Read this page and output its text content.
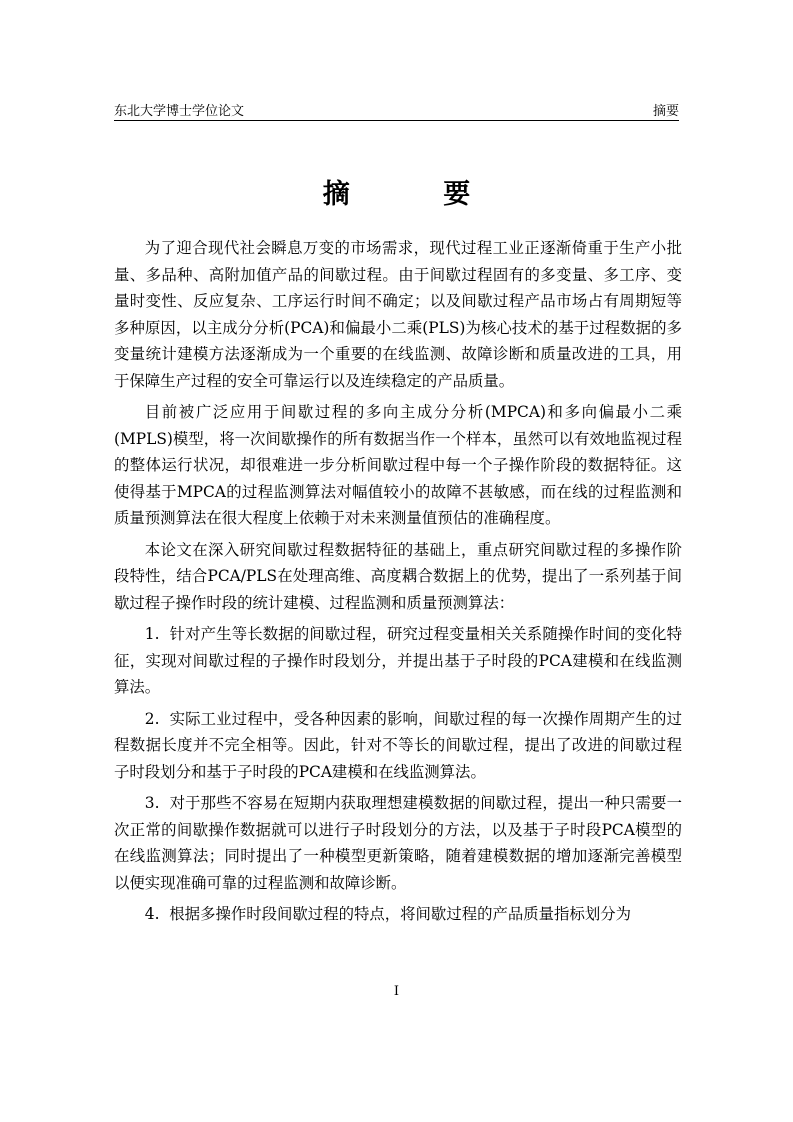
东北大学博士学位论文	摘要
摘 要

为了迎合现代社会瞬息万变的市场需求，现代过程工业正逐渐倚重于生产小批量、多品种、高附加值产品的间歇过程。由于间歇过程固有的多变量、多工序、变量时变性、反应复杂、工序运行时间不确定；以及间歇过程产品市场占有周期短等多种原因，以主成分分析(PCA)和偏最小二乘(PLS)为核心技术的基于过程数据的多变量统计建模方法逐渐成为一个重要的在线监测、故障诊断和质量改进的工具，用于保障生产过程的安全可靠运行以及连续稳定的产品质量。

目前被广泛应用于间歇过程的多向主成分分析(MPCA)和多向偏最小二乘(MPLS)模型，将一次间歇操作的所有数据当作一个样本，虽然可以有效地监视过程的整体运行状况，却很难进一步分析间歇过程中每一个子操作阶段的数据特征。这使得基于MPCA的过程监测算法对幅值较小的故障不甚敏感，而在线的过程监测和质量预测算法在很大程度上依赖于对未来测量值预估的准确程度。

本论文在深入研究间歇过程数据特征的基础上，重点研究间歇过程的多操作阶段特性，结合PCA/PLS在处理高维、高度耦合数据上的优势，提出了一系列基于间歇过程子操作时段的统计建模、过程监测和质量预测算法：

1. 针对产生等长数据的间歇过程，研究过程变量相关关系随操作时间的变化特征，实现对间歇过程的子操作时段划分，并提出基于子时段的PCA建模和在线监测算法。

2. 实际工业过程中，受各种因素的影响，间歇过程的每一次操作周期产生的过程数据长度并不完全相等。因此，针对不等长的间歇过程，提出了改进的间歇过程子时段划分和基于子时段的PCA建模和在线监测算法。

3. 对于那些不容易在短期内获取理想建模数据的间歇过程，提出一种只需要一次正常的间歇操作数据就可以进行子时段划分的方法，以及基于子时段PCA模型的在线监测算法；同时提出了一种模型更新策略，随着建模数据的增加逐渐完善模型以便实现准确可靠的过程监测和故障诊断。

4. 根据多操作时段间歇过程的特点，将间歇过程的产品质量指标划分为

I
